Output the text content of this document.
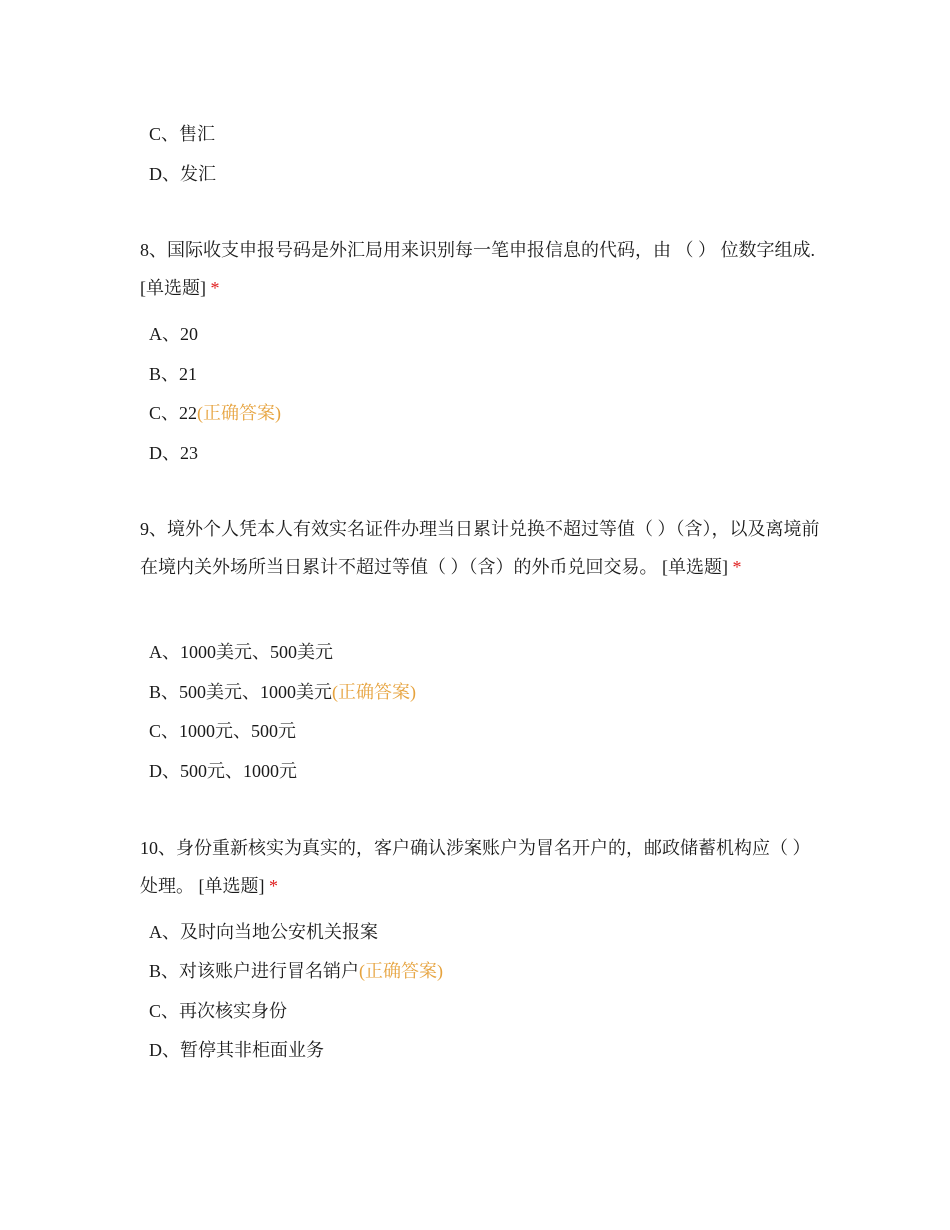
C、售汇
D、发汇
8、国际收支申报号码是外汇局用来识别每一笔申报信息的代码，由 （ ） 位数字组成. [单选题] *
A、20
B、21
C、22(正确答案)
D、23
9、境外个人凭本人有效实名证件办理当日累计兑换不超过等值（ ）（含），以及离境前在境内关外场所当日累计不超过等值（ ）（含）的外币兑回交易。 [单选题] *
A、1000美元、500美元
B、500美元、1000美元(正确答案)
C、1000元、500元
D、500元、1000元
10、身份重新核实为真实的，客户确认涉案账户为冒名开户的，邮政储蓄机构应（ ）处理。 [单选题] *
A、及时向当地公安机关报案
B、对该账户进行冒名销户(正确答案)
C、再次核实身份
D、暂停其非柜面业务
